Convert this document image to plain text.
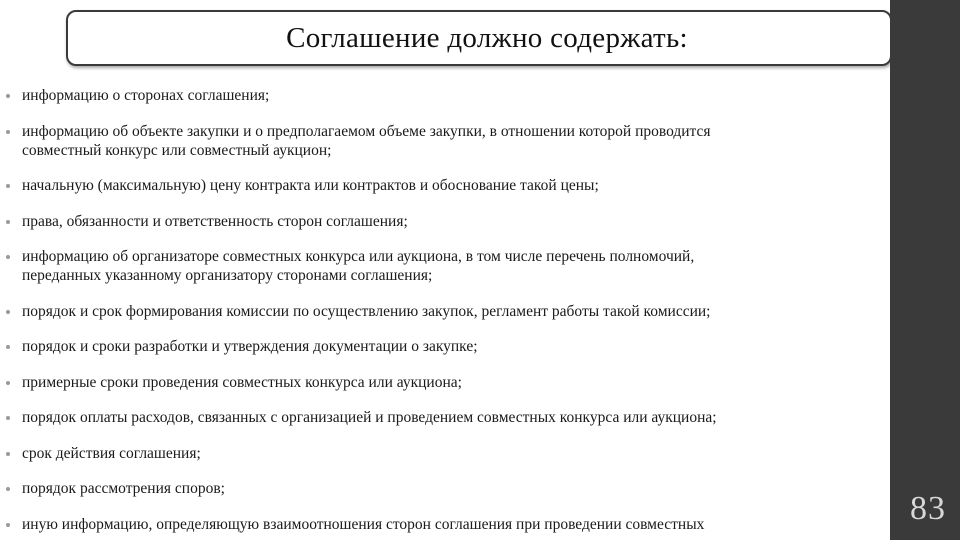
Соглашение должно содержать:
информацию о сторонах соглашения;
информацию об объекте закупки и о предполагаемом объеме закупки, в отношении которой проводится
совместный конкурс или совместный аукцион;
начальную (максимальную) цену контракта или контрактов и обоснование такой цены;
права, обязанности и ответственность сторон соглашения;
информацию об организаторе совместных конкурса или аукциона, в том числе перечень полномочий,
переданных указанному организатору сторонами соглашения;
порядок и срок формирования комиссии по осуществлению закупок, регламент работы такой комиссии;
порядок и сроки разработки и утверждения документации о закупке;
примерные сроки проведения совместных конкурса или аукциона;
порядок оплаты расходов, связанных с организацией и проведением совместных конкурса или аукциона;
срок действия соглашения;
порядок рассмотрения споров;
иную информацию, определяющую взаимоотношения сторон соглашения при проведении совместных	83
